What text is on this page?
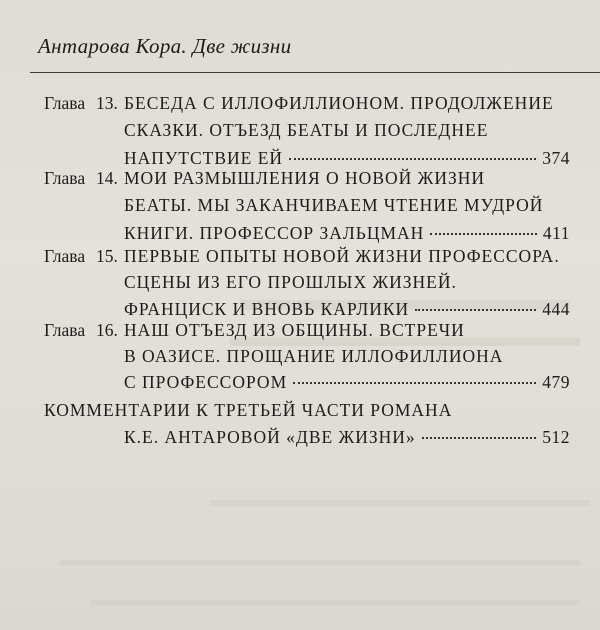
Антарова Кора. Две жизни
Глава 13. БЕСЕДА С ИЛЛОФИЛЛИОНОМ. ПРОДОЛЖЕНИЕ
СКАЗКИ. ОТЪЕЗД БЕАТЫ И ПОСЛЕДНЕЕ
НАПУТСТВИЕ ЕЙ	374
Глава 14. МОИ РАЗМЫШЛЕНИЯ О НОВОЙ ЖИЗНИ
БЕАТЫ. МЫ ЗАКАНЧИВАЕМ ЧТЕНИЕ МУДРОЙ
КНИГИ. ПРОФЕССОР ЗАЛЬЦМАН	411
Глава 15. ПЕРВЫЕ ОПЫТЫ НОВОЙ ЖИЗНИ ПРОФЕССОРА.
СЦЕНЫ ИЗ ЕГО ПРОШЛЫХ ЖИЗНЕЙ.
ФРАНЦИСК И ВНОВЬ КАРЛИКИ	444
Глава 16. НАШ ОТЪЕЗД ИЗ ОБЩИНЫ. ВСТРЕЧИ
В ОАЗИСЕ. ПРОЩАНИЕ ИЛЛОФИЛЛИОНА
С ПРОФЕССОРОМ	479
КОММЕНТАРИИ К ТРЕТЬЕЙ ЧАСТИ РОМАНА
К.Е. АНТАРОВОЙ «ДВЕ ЖИЗНИ»	512
